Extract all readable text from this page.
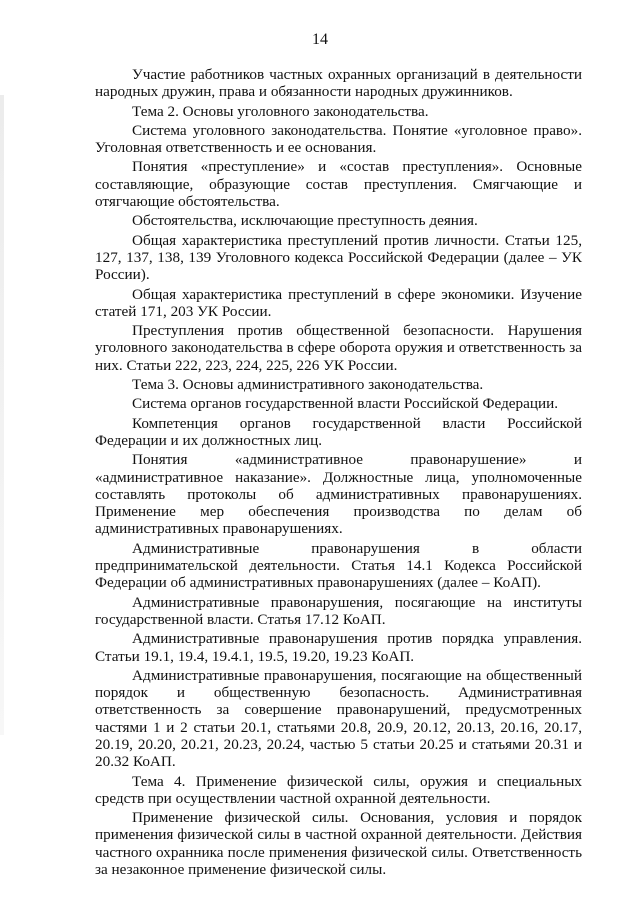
14

Участие работников частных охранных организаций в деятельности народных дружин, права и обязанности народных дружинников.

Тема 2. Основы уголовного законодательства.

Система уголовного законодательства. Понятие «уголовное право». Уголовная ответственность и ее основания.

Понятия «преступление» и «состав преступления». Основные составляющие, образующие состав преступления. Смягчающие и отягчающие обстоятельства.

Обстоятельства, исключающие преступность деяния.

Общая характеристика преступлений против личности. Статьи 125, 127, 137, 138, 139 Уголовного кодекса Российской Федерации (далее – УК России).

Общая характеристика преступлений в сфере экономики. Изучение статей 171, 203 УК России.

Преступления против общественной безопасности. Нарушения уголовного законодательства в сфере оборота оружия и ответственность за них. Статьи 222, 223, 224, 225, 226 УК России.

Тема 3. Основы административного законодательства.

Система органов государственной власти Российской Федерации.

Компетенция органов государственной власти Российской Федерации и их должностных лиц.

Понятия «административное правонарушение» и «административное наказание». Должностные лица, уполномоченные составлять протоколы об административных правонарушениях. Применение мер обеспечения производства по делам об административных правонарушениях.

Административные правонарушения в области предпринимательской деятельности. Статья 14.1 Кодекса Российской Федерации об административных правонарушениях (далее – КоАП).

Административные правонарушения, посягающие на институты государственной власти. Статья 17.12 КоАП.

Административные правонарушения против порядка управления. Статьи 19.1, 19.4, 19.4.1, 19.5, 19.20, 19.23 КоАП.

Административные правонарушения, посягающие на общественный порядок и общественную безопасность. Административная ответственность за совершение правонарушений, предусмотренных частями 1 и 2 статьи 20.1, статьями 20.8, 20.9, 20.12, 20.13, 20.16, 20.17, 20.19, 20.20, 20.21, 20.23, 20.24, частью 5 статьи 20.25 и статьями 20.31 и 20.32 КоАП.

Тема 4. Применение физической силы, оружия и специальных средств при осуществлении частной охранной деятельности.

Применение физической силы. Основания, условия и порядок применения физической силы в частной охранной деятельности. Действия частного охранника после применения физической силы. Ответственность за незаконное применение физической силы.
